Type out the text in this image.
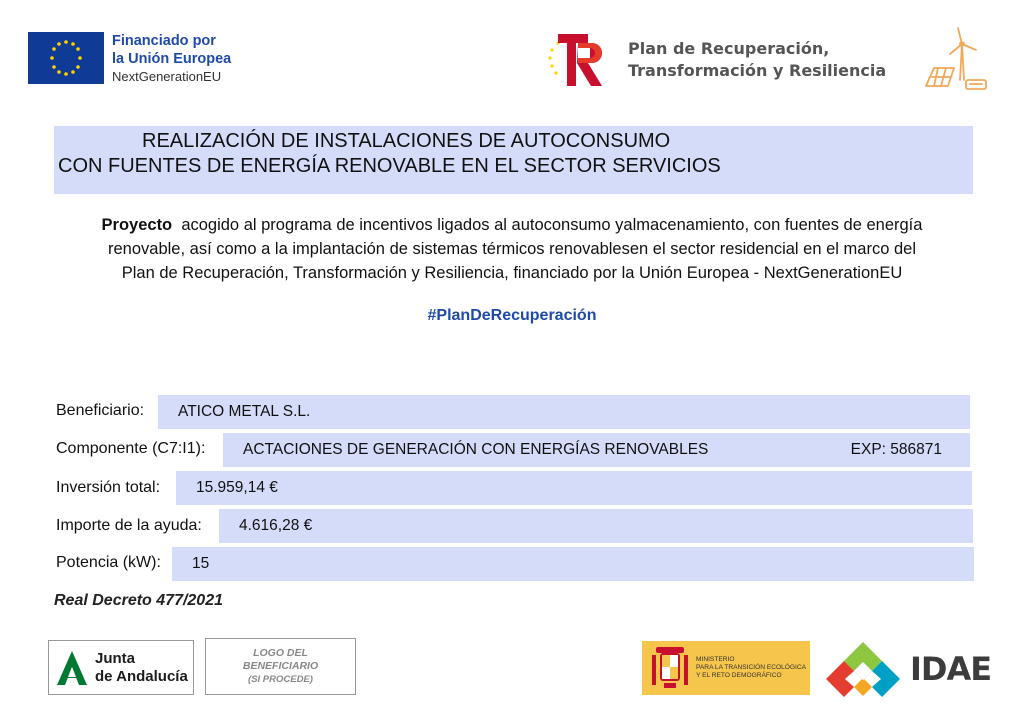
Financiado por
la Unión Europea
NextGenerationEU
Plan de Recuperación,
Transformación y Resiliencia
REALIZACIÓN DE INSTALACIONES DE AUTOCONSUMO
CON FUENTES DE ENERGÍA RENOVABLE EN EL SECTOR SERVICIOS
Proyecto acogido al programa de incentivos ligados al autoconsumo yalmacenamiento, con fuentes de energía
renovable, así como a la implantación de sistemas térmicos renovablesen el sector residencial en el marco del
Plan de Recuperación, Transformación y Resiliencia, financiado por la Unión Europea - NextGenerationEU
#PlanDeRecuperación
Beneficiario: ATICO METAL S.L.
Componente (C7:I1): ACTACIONES DE GENERACIÓN CON ENERGÍAS RENOVABLES	EXP: 586871
Inversión total: 15.959,14 €
Importe de la ayuda: 4.616,28 €
Potencia (kW): 15
Real Decreto 477/2021
Junta
de Andalucía
LOGO DEL
BENEFICIARIO
(SI PROCEDE)
MINISTERIO
PARA LA TRANSICIÓN ECOLÓGICA
Y EL RETO DEMOGRÁFICO	IDAE
